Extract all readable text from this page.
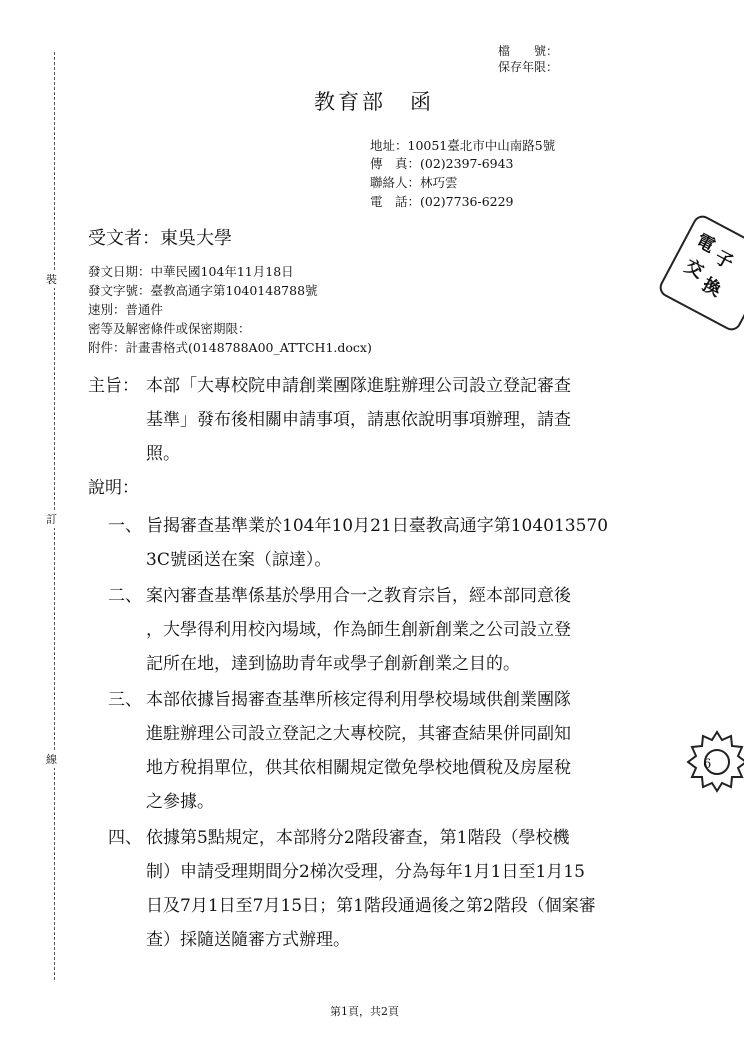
檔　　號：
保存年限：
教育部　函
地址：10051臺北市中山南路5號
傳　真：(02)2397-6943
聯絡人：林巧雲
電　話：(02)7736-6229
受文者：東吳大學
發文日期：中華民國104年11月18日
發文字號：臺教高通字第1040148788號
速別：普通件
密等及解密條件或保密期限：
附件：計畫書格式(0148788A00_ATTCH1.docx)
主旨： 本部「大專校院申請創業團隊進駐辦理公司設立登記審查
基準」發布後相關申請事項，請惠依說明事項辦理，請查
照。
說明：
一、 旨揭審查基準業於104年10月21日臺教高通字第104013570
3C號函送在案（諒達）。
二、 案內審查基準係基於學用合一之教育宗旨，經本部同意後
，大學得利用校內場域，作為師生創新創業之公司設立登
記所在地，達到協助青年或學子創新創業之目的。
三、 本部依據旨揭審查基準所核定得利用學校場域供創業團隊
進駐辦理公司設立登記之大專校院，其審查結果併同副知
地方稅捐單位，供其依相關規定徵免學校地價稅及房屋稅
之參據。
四、 依據第5點規定，本部將分2階段審查，第1階段（學校機
制）申請受理期間分2梯次受理，分為每年1月1日至1月15
日及7月1日至7月15日；第1階段通過後之第2階段（個案審
查）採隨送隨審方式辦理。
裝
訂
線
電
子
交
換
6
第1頁，共2頁
